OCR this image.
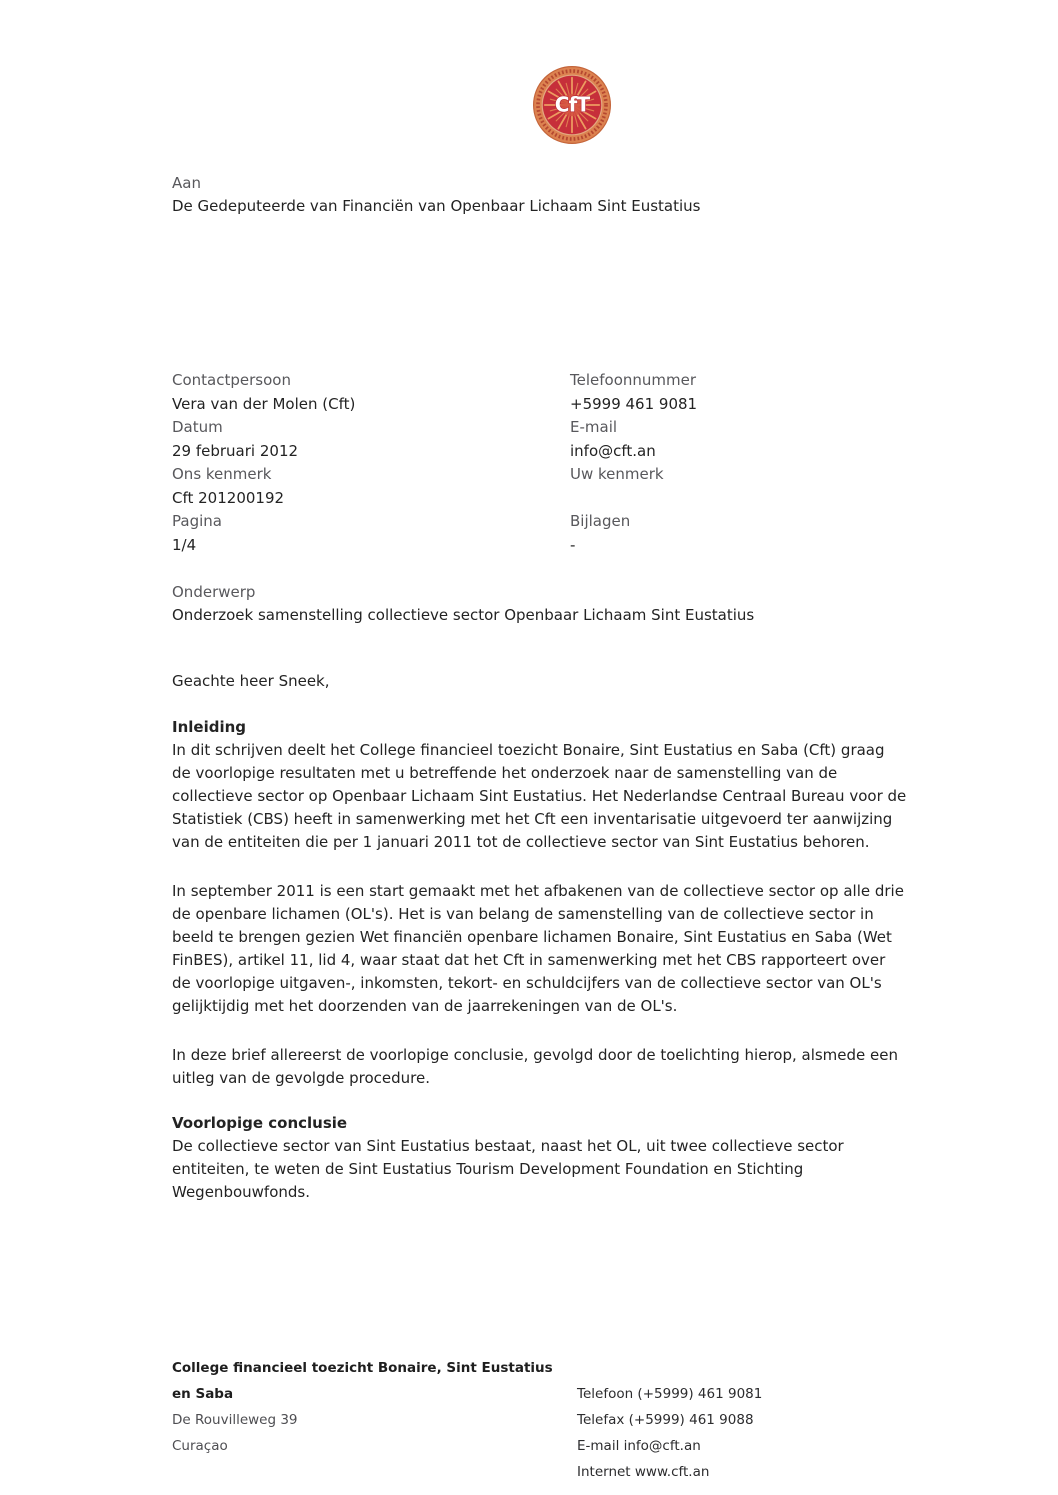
CfT
Aan
De Gedeputeerde van Financiën van Openbaar Lichaam Sint Eustatius
Contactpersoon
Vera van der Molen (Cft)
Datum
29 februari 2012
Ons kenmerk
Cft 201200192
Pagina
1/4
Telefoonnummer
+5999 461 9081
E-mail
info@cft.an
Uw kenmerk

Bijlagen
-
Onderwerp
Onderzoek samenstelling collectieve sector Openbaar Lichaam Sint Eustatius
Geachte heer Sneek,
Inleiding

In dit schrijven deelt het College financieel toezicht Bonaire, Sint Eustatius en Saba (Cft) graag de voorlopige resultaten met u betreffende het onderzoek naar de samenstelling van de collectieve sector op Openbaar Lichaam Sint Eustatius. Het Nederlandse Centraal Bureau voor de Statistiek (CBS) heeft in samenwerking met het Cft een inventarisatie uitgevoerd ter aanwijzing van de entiteiten die per 1 januari 2011 tot de collectieve sector van Sint Eustatius behoren.

In september 2011 is een start gemaakt met het afbakenen van de collectieve sector op alle drie de openbare lichamen (OL's). Het is van belang de samenstelling van de collectieve sector in beeld te brengen gezien Wet financiën openbare lichamen Bonaire, Sint Eustatius en Saba (Wet FinBES), artikel 11, lid 4, waar staat dat het Cft in samenwerking met het CBS rapporteert over de voorlopige uitgaven-, inkomsten, tekort- en schuldcijfers van de collectieve sector van OL's gelijktijdig met het doorzenden van de jaarrekeningen van de OL's.

In deze brief allereerst de voorlopige conclusie, gevolgd door de toelichting hierop, alsmede een uitleg van de gevolgde procedure.

Voorlopige conclusie

De collectieve sector van Sint Eustatius bestaat, naast het OL, uit twee collectieve sector entiteiten, te weten de Sint Eustatius Tourism Development Foundation en Stichting Wegenbouwfonds.

College financieel toezicht Bonaire, Sint Eustatius
en Saba
De Rouvilleweg 39
Curaçao
Telefoon (+5999) 461 9081
Telefax (+5999) 461 9088
E-mail info@cft.an
Internet www.cft.an
